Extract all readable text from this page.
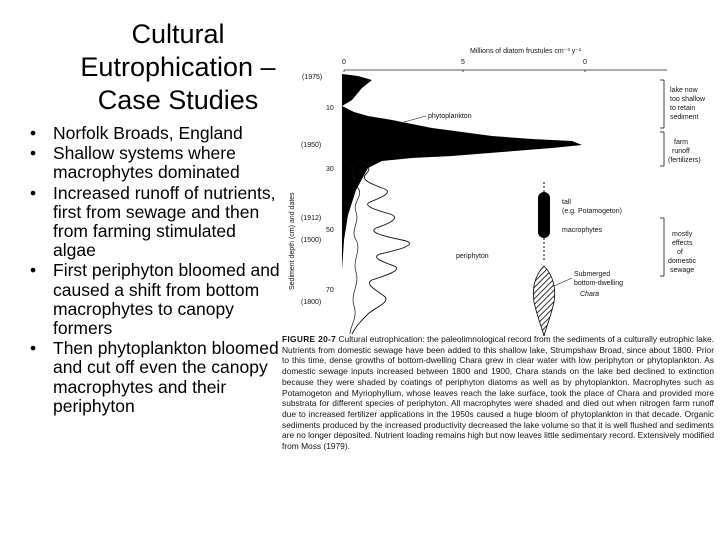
Cultural
Eutrophication –
Case Studies
• Norfolk Broads, England
• Shallow systems where macrophytes dominated
• Increased runoff of nutrients, first from sewage and then from farming stimulated algae
• First periphyton bloomed and caused a shift from bottom macrophytes to canopy formers
• Then phytoplankton bloomed and cut off even the canopy macrophytes and their periphyton
Millions of diatom frustules cm⁻³ y⁻¹
0	5	0
Sediment depth (cm) and dates
(1975)
(1950)
(1912)
(1500)
(1800)
10
30
50
70
phytoplankton
tall
(e.g. Potamogeton)
macrophytes
periphyton
Submerged
bottom-dwelling
Chara
lake now
too shallow
to retain
sediment
farm
runoff
(fertilizers)
mostly
effects
of
domestic
sewage
FIGURE 20-7 Cultural eutrophication: the paleolimnological record from the sediments of a culturally eutrophic lake. Nutrients from domestic sewage have been added to this shallow lake, Strumpshaw Broad, since about 1800. Prior to this time, dense growths of bottom-dwelling Chara grew in clear water with low periphyton or phytoplankton. As domestic sewage inputs increased between 1800 and 1900, Chara stands on the lake bed declined to extinction because they were shaded by coatings of periphyton diatoms as well as by phytoplankton. Macrophytes such as Potamogeton and Myriophyllum, whose leaves reach the lake surface, took the place of Chara and provided more substrata for different species of periphyton. All macrophytes were shaded and died out when nitrogen farm runoff due to increased fertilizer applications in the 1950s caused a huge bloom of phytoplankton in that decade. Organic sediments produced by the increased productivity decreased the lake volume so that it is well flushed and sediments are no longer deposited. Nutrient loading remains high but now leaves little sedimentary record. Extensively modified from Moss (1979).
